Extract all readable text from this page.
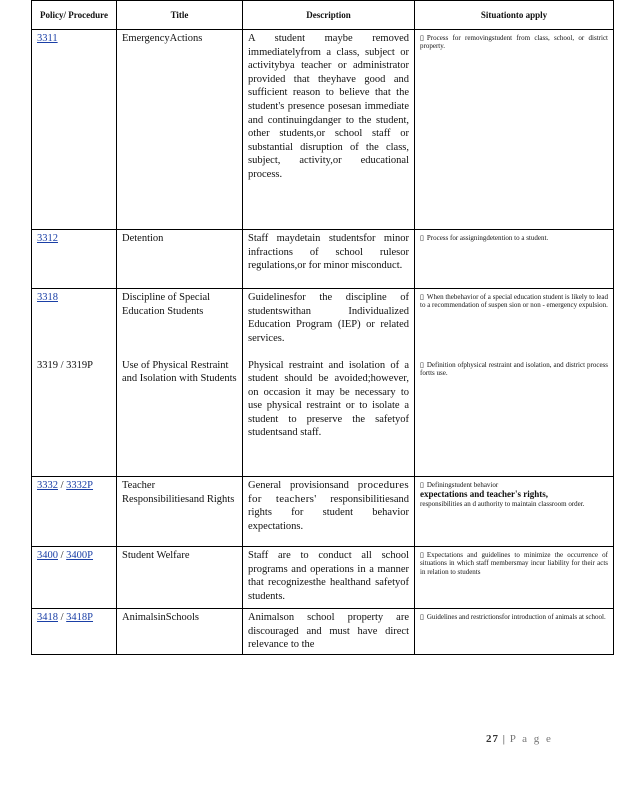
Policy/ Procedure	Title	Description	Situationto apply
3311	EmergencyActions	A student maybe removed immediatelyfrom a class, subject or activitybya teacher or administrator provided that theyhave good and sufficient reason to believe that the student's presence posesan immediate and continuingdanger to the student, other students,or school staff or substantial disruption of the class, subject, activity,or educational process.	▯ Process for removingstudent from class, school, or district property.
3312	Detention	Staff maydetain studentsfor minor infractions of school rulesor regulations,or for minor misconduct.	▯ Process for assigningdetention to a student.
3318	Discipline of Special Education Students	Guidelinesfor the discipline of studentswithan Individualized Education Program (IEP) or related services.	▯ When thebehavior of a special education student is likely to lead to a recommendation of suspen sion or non - emergency expulsion.
3319 / 3319P	Use of Physical Restraint and Isolation with Students	Physical restraint and isolation of a student should be avoided;however, on occasion it may be necessary to use physical restraint or to isolate a student to preserve the safetyof studentsand staff.	▯ Definition ofphysical restraint and isolation, and district process fortts use.
3332 / 3332P	Teacher Responsibilitiesand Rights	General provisionsand procedures for teachers' responsibilitiesand rights for student behavior expectations.	▯ Definingstudent behavior
expectations and teacher's rights,
responsibilities an d authority to maintain classroom order.
3400 / 3400P	Student Welfare	Staff are to conduct all school programs and operations in a manner that recognizesthe healthand safetyof students.	▯ Expectations and guidelines to minimize the occurrence of situations in which staff membersmay incur liability for their acts in relation to students
3418 / 3418P	AnimalsinSchools	Animalson school property are discouraged and must have direct relevance to the	▯ Guidelines and restrictionsfor introduction of animals at school.
27 | P a g e
